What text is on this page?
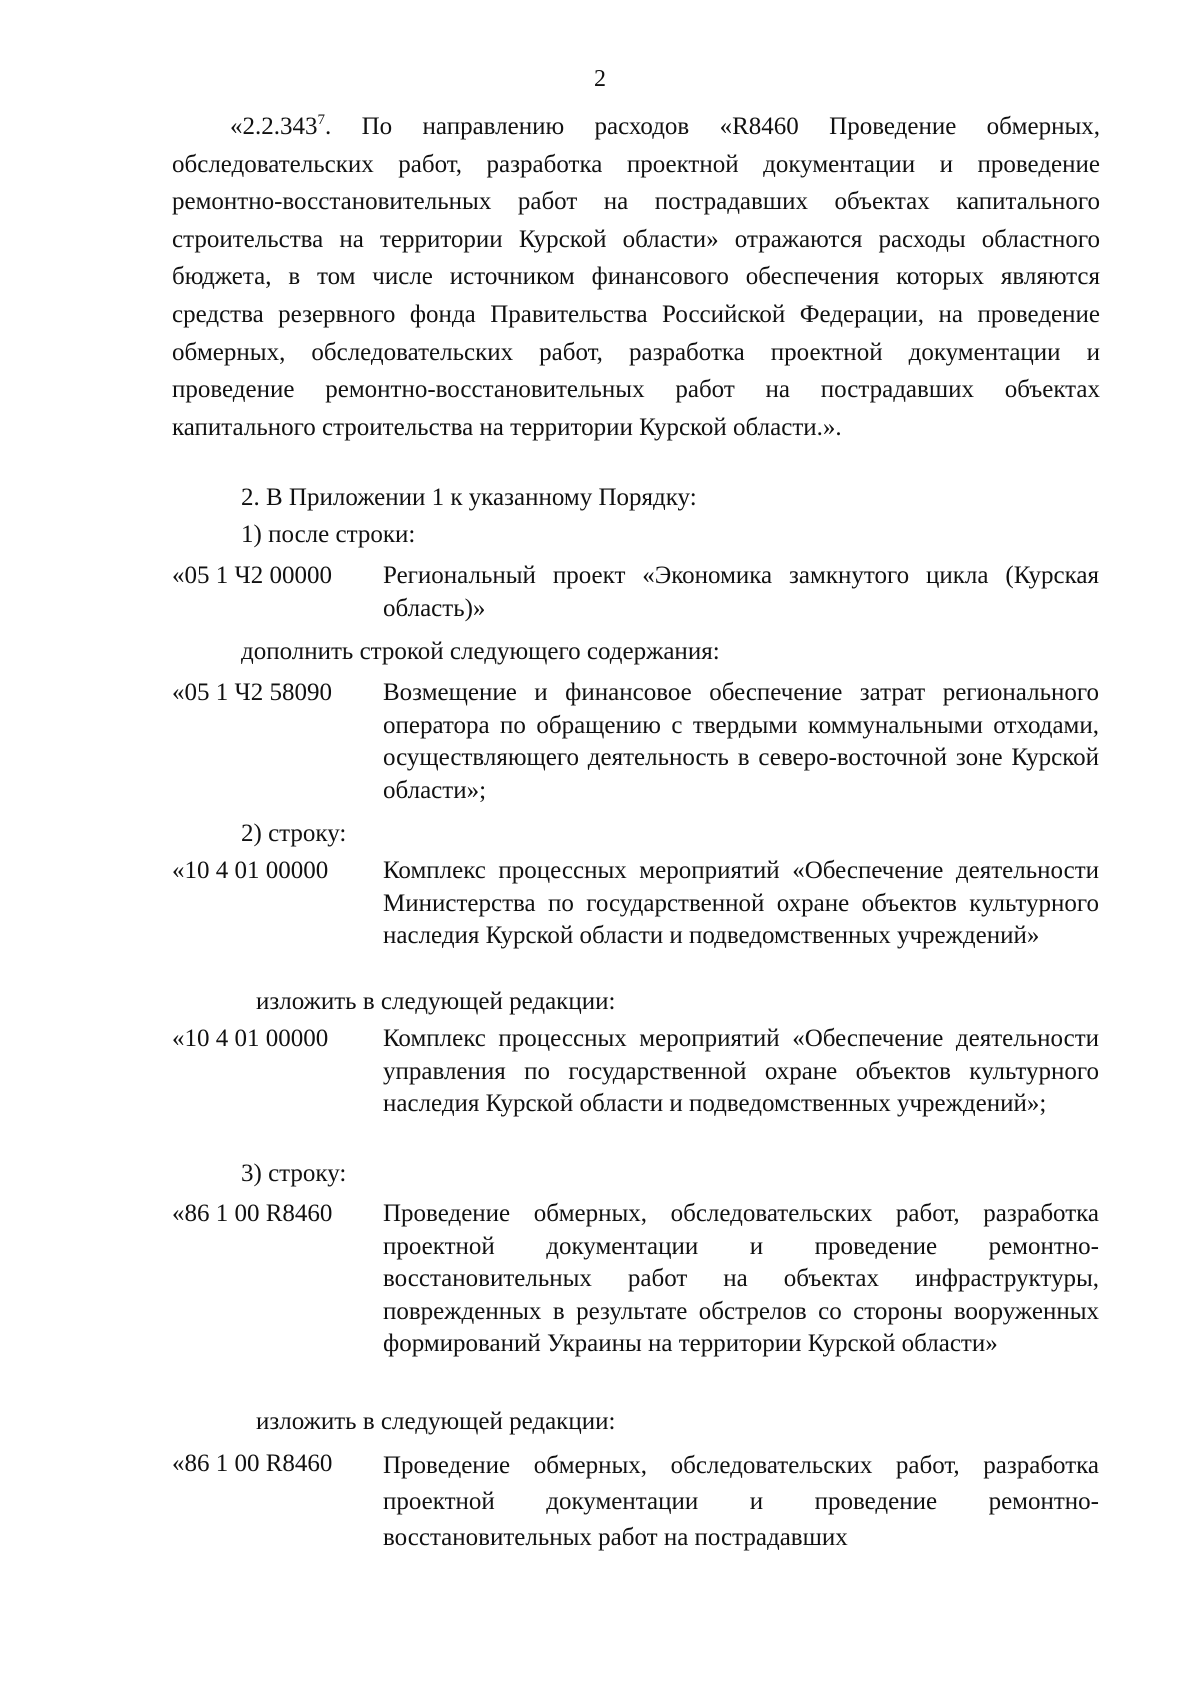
2

«2.2.343$^7$. По направлению расходов «R8460 Проведение обмерных, обследовательских работ, разработка проектной документации и проведение ремонтно-восстановительных работ на пострадавших объектах капитального строительства на территории Курской области» отражаются расходы областного бюджета, в том числе источником финансового обеспечения которых являются средства резервного фонда Правительства Российской Федерации, на проведение обмерных, обследовательских работ, разработка проектной документации и проведение ремонтно-восстановительных работ на пострадавших объектах капитального строительства на территории Курской области.».

2. В Приложении 1 к указанному Порядку:
1) после строки:
«05 1 Ч2 00000 Региональный проект «Экономика замкнутого цикла (Курская область)»

дополнить строкой следующего содержания:
«05 1 Ч2 58090 Возмещение и финансовое обеспечение затрат регионального оператора по обращению с твердыми коммунальными отходами, осуществляющего деятельность в северо-восточной зоне Курской области»;

2) строку:
«10 4 01 00000 Комплекс процессных мероприятий «Обеспечение деятельности Министерства по государственной охране объектов культурного наследия Курской области и подведомственных учреждений»

изложить в следующей редакции:
«10 4 01 00000 Комплекс процессных мероприятий «Обеспечение деятельности управления по государственной охране объектов культурного наследия Курской области и подведомственных учреждений»;

3) строку:
«86 1 00 R8460 Проведение обмерных, обследовательских работ, разработка проектной документации и проведение ремонтно-восстановительных работ на объектах инфраструктуры, поврежденных в результате обстрелов со стороны вооруженных формирований Украины на территории Курской области»

изложить в следующей редакции:
«86 1 00 R8460 Проведение обмерных, обследовательских работ, разработка проектной документации и проведение ремонтно-восстановительных работ на пострадавших
